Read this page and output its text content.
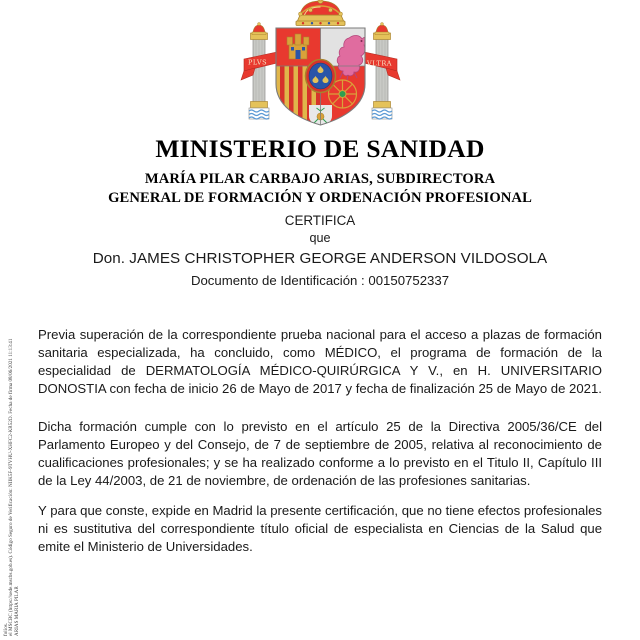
ARIAS MARIA PILAR
el MSCBC (https://sede.mscbs.gob.es). Código Seguro de Verificación: NIIK5F-9TVHU-XHFC2-KR52D. Fecha de firma 08/06/2021 11:13:41
folios.
PLVS	VLTRA
MINISTERIO DE SANIDAD
MARÍA PILAR CARBAJO ARIAS, SUBDIRECTORA
GENERAL DE FORMACIÓN Y ORDENACIÓN PROFESIONAL
CERTIFICA
que
Don. JAMES CHRISTOPHER GEORGE ANDERSON VILDOSOLA
Documento de Identificación : 00150752337

Previa superación de la correspondiente prueba nacional para el acceso a plazas de formación sanitaria especializada, ha concluido, como MÉDICO, el programa de formación de la especialidad de DERMATOLOGÍA MÉDICO-QUIRÚRGICA Y V., en H. UNIVERSITARIO DONOSTIA con fecha de inicio 26 de Mayo de 2017 y fecha de finalización 25 de Mayo de 2021.

Dicha formación cumple con lo previsto en el artículo 25 de la Directiva 2005/36/CE del Parlamento Europeo y del Consejo, de 7 de septiembre de 2005, relativa al reconocimiento de cualificaciones profesionales; y se ha realizado conforme a lo previsto en el Titulo II, Capítulo III de la Ley 44/2003, de 21 de noviembre, de ordenación de las profesiones sanitarias.

Y para que conste, expide en Madrid la presente certificación, que no tiene efectos profesionales ni es sustitutiva del correspondiente título oficial de especialista en Ciencias de la Salud que emite el Ministerio de Universidades.
